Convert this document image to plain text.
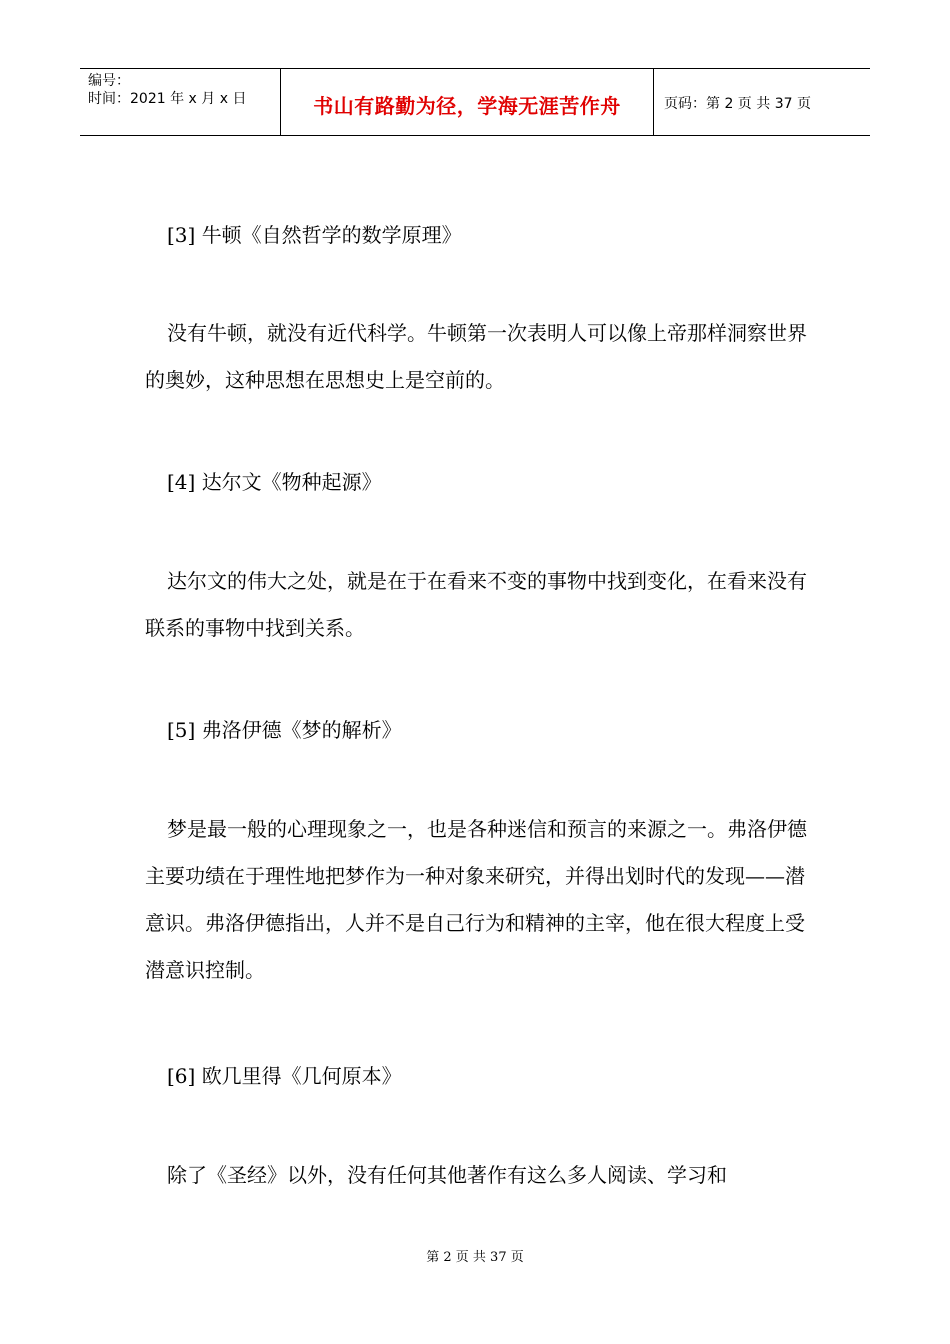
编号：
时间：2021 年 x 月 x 日	书山有路勤为径，学海无涯苦作舟	页码：第 2 页 共 37 页

[3] 牛顿《自然哲学的数学原理》

没有牛顿，就没有近代科学。牛顿第一次表明人可以像上帝那样洞察世界的奥妙，这种思想在思想史上是空前的。

[4] 达尔文《物种起源》

达尔文的伟大之处，就是在于在看来不变的事物中找到变化，在看来没有联系的事物中找到关系。

[5] 弗洛伊德《梦的解析》

梦是最一般的心理现象之一，也是各种迷信和预言的来源之一。弗洛伊德主要功绩在于理性地把梦作为一种对象来研究，并得出划时代的发现——潜意识。弗洛伊德指出，人并不是自己行为和精神的主宰，他在很大程度上受潜意识控制。

[6] 欧几里得《几何原本》

除了《圣经》以外，没有任何其他著作有这么多人阅读、学习和

第 2 页 共 37 页
